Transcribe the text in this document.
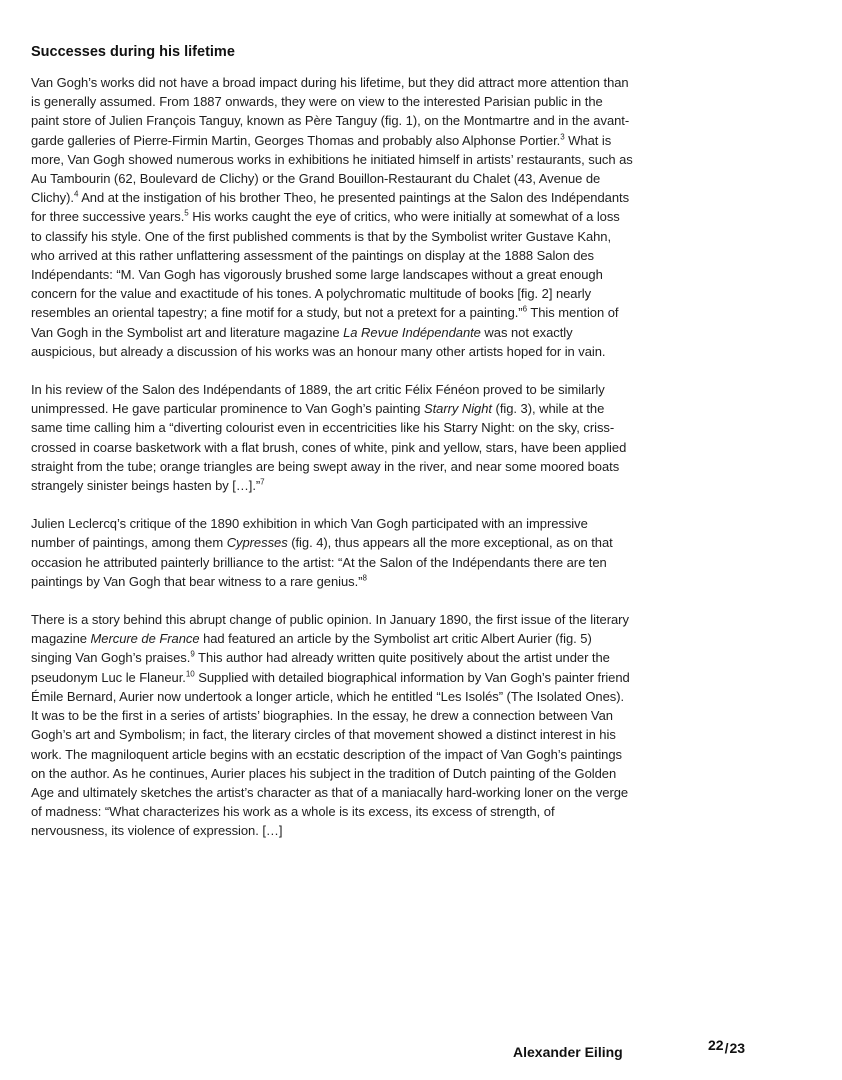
Successes during his lifetime

Van Gogh’s works did not have a broad impact during his lifetime, but they did attract more attention than is generally assumed. From 1887 onwards, they were on view to the interested Parisian public in the paint store of Julien François Tanguy, known as Père Tanguy (fig. 1), on the Montmartre and in the avant-garde galleries of Pierre-Firmin Martin, Georges Thomas and probably also Alphonse Portier.$^3$ What is more, Van Gogh showed numerous works in exhibitions he initiated himself in artists’ restaurants, such as Au Tambourin (62, Boulevard de Clichy) or the Grand Bouillon-Restaurant du Chalet (43, Avenue de Clichy).$^4$ And at the instigation of his brother Theo, he presented paintings at the Salon des Indépendants for three successive years.$^5$ His works caught the eye of critics, who were initially at somewhat of a loss to classify his style. One of the first published comments is that by the Symbolist writer Gustave Kahn, who arrived at this rather unflattering assessment of the paintings on display at the 1888 Salon des Indépendants: “M. Van Gogh has vigorously brushed some large landscapes without a great enough concern for the value and exactitude of his tones. A polychromatic multitude of books [fig. 2] nearly resembles an oriental tapestry; a fine motif for a study, but not a pretext for a painting.”$^6$ This mention of Van Gogh in the Symbolist art and literature magazine La Revue Indépendante was not exactly auspicious, but already a discussion of his works was an honour many other artists hoped for in vain.

In his review of the Salon des Indépendants of 1889, the art critic Félix Fénéon proved to be similarly unimpressed. He gave particular prominence to Van Gogh’s painting Starry Night (fig. 3), while at the same time calling him a “diverting colourist even in eccentricities like his Starry Night: on the sky, criss-crossed in coarse basketwork with a flat brush, cones of white, pink and yellow, stars, have been applied straight from the tube; orange triangles are being swept away in the river, and near some moored boats strangely sinister beings hasten by […].”$^7$

Julien Leclercq’s critique of the 1890 exhibition in which Van Gogh participated with an impressive number of paintings, among them Cypresses (fig. 4), thus appears all the more exceptional, as on that occasion he attributed painterly brilliance to the artist: “At the Salon of the Indépendants there are ten paintings by Van Gogh that bear witness to a rare genius.”$^8$

There is a story behind this abrupt change of public opinion. In January 1890, the first issue of the literary magazine Mercure de France had featured an article by the Symbolist art critic Albert Aurier (fig. 5) singing Van Gogh’s praises.$^9$ This author had already written quite positively about the artist under the pseudonym Luc le Flaneur.$^{10}$ Supplied with detailed biographical information by Van Gogh’s painter friend Émile Bernard, Aurier now undertook a longer article, which he entitled “Les Isolés” (The Isolated Ones). It was to be the first in a series of artists’ biographies. In the essay, he drew a connection between Van Gogh’s art and Symbolism; in fact, the literary circles of that movement showed a distinct interest in his work. The magniloquent article begins with an ecstatic description of the impact of Van Gogh’s paintings on the author. As he continues, Aurier places his subject in the tradition of Dutch painting of the Golden Age and ultimately sketches the artist’s character as that of a maniacally hard-working loner on the verge of madness: “What characterizes his work as a whole is its excess, its excess of strength, of nervousness, its violence of expression. […]

Alexander Eiling	22/23
